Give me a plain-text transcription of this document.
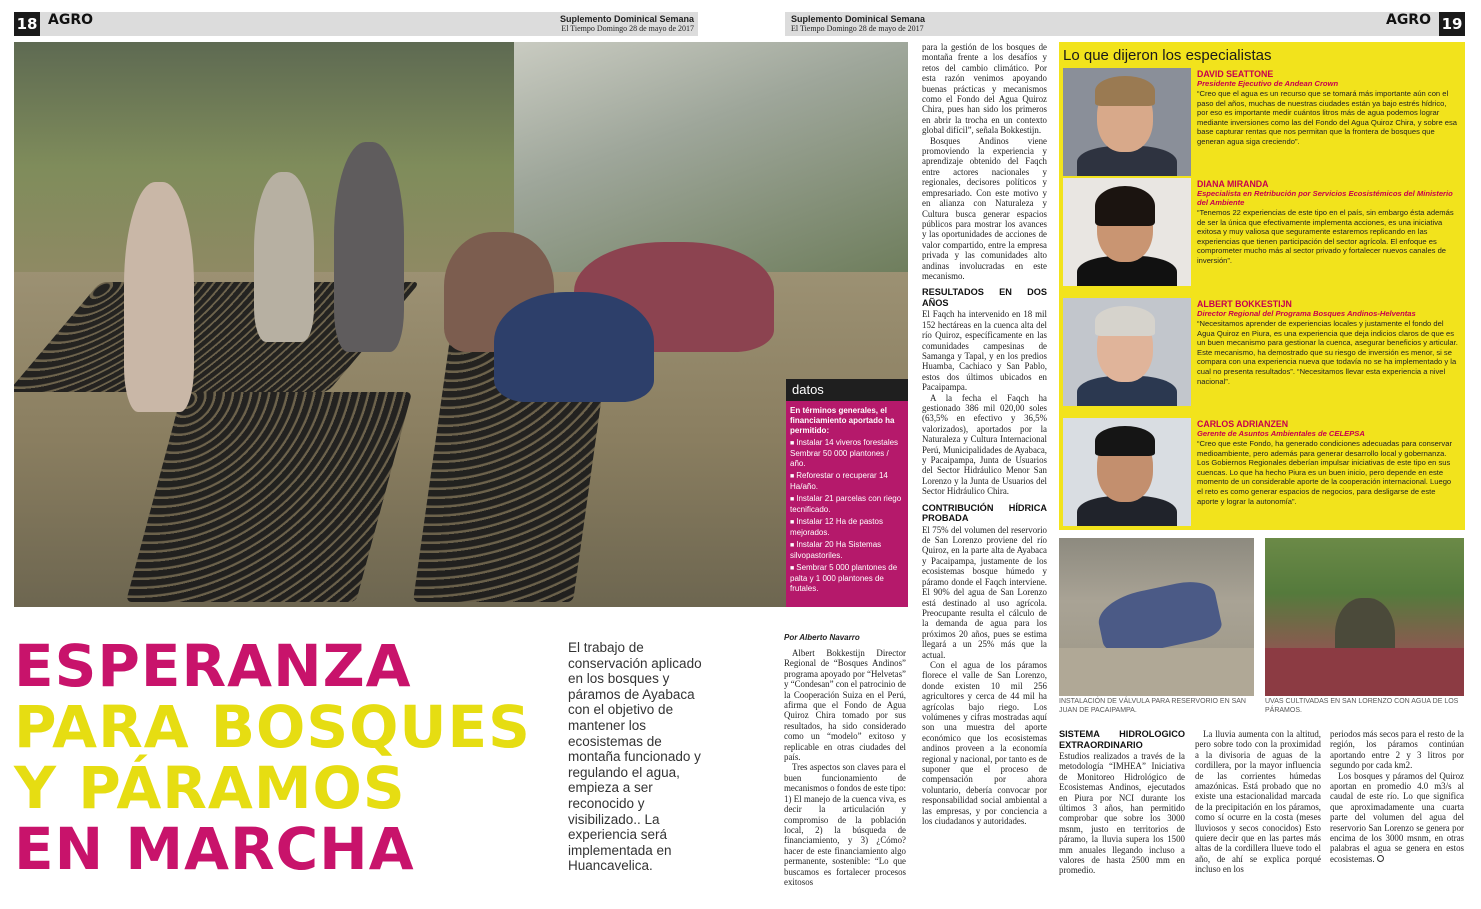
18 AGRO	Suplemento Dominical Semana
El Tiempo Domingo 28 de mayo de 2017
Suplemento Dominical Semana
El Tiempo Domingo 28 de mayo de 2017
AGRO 19
datos
En términos generales, el financiamiento aportado ha permitido:
■ Instalar 14 viveros forestales Sembrar 50 000 plantones / año.
■ Reforestar o recuperar 14 Ha/año.
■ Instalar 21 parcelas con riego tecnificado.
■ Instalar 12 Ha de pastos mejorados.
■ Instalar 20 Ha Sistemas silvopastoriles.
■ Sembrar 5 000 plantones de palta y 1 000 plantones de frutales.
ESPERANZA
PARA BOSQUES
Y PÁRAMOS
EN MARCHA
El trabajo de conservación aplicado en los bosques y páramos de Ayabaca con el objetivo de mantener los ecosistemas de montaña funcionado y regulando el agua, empieza a ser reconocido y visibilizado.. La experiencia será implementada en Huancavelica.
Por Alberto Navarro

Albert Bokkestijn Director Regional de “Bosques Andinos” programa apoyado por “Helvetas” y “Condesan” con el patrocinio de la Cooperación Suiza en el Perú, afirma que el Fondo de Agua Quiroz Chira tomado por sus resultados, ha sido considerado como un “modelo” exitoso y replicable en otras ciudades del país.

Tres aspectos son claves para el buen funcionamiento de mecanismos o fondos de este tipo: 1) El manejo de la cuenca viva, es decir la articulación y compromiso de la población local, 2) la búsqueda de financiamiento, y 3) ¿Cómo? hacer de este financiamiento algo permanente, sostenible: “Lo que buscamos es fortalecer procesos exitosos

para la gestión de los bosques de montaña frente a los desafíos y retos del cambio climático. Por esta razón venimos apoyando buenas prácticas y mecanismos como el Fondo del Agua Quiroz Chira, pues han sido los primeros en abrir la trocha en un contexto global difícil”, señala Bokkestijn.

Bosques Andinos viene promoviendo la experiencia y aprendizaje obtenido del Faqch entre actores nacionales y regionales, decisores políticos y empresariado. Con este motivo y en alianza con Naturaleza y Cultura busca generar espacios públicos para mostrar los avances y las oportunidades de acciones de valor compartido, entre la empresa privada y las comunidades alto andinas involucradas en este mecanismo.

RESULTADOS EN DOS AÑOS

El Faqch ha intervenido en 18 mil 152 hectáreas en la cuenca alta del río Quiroz, específicamente en las comunidades campesinas de Samanga y Tapal, y en los predios Huamba, Cachiaco y San Pablo, estos dos últimos ubicados en Pacaipampa.

A la fecha el Faqch ha gestionado 386 mil 020,00 soles (63,5% en efectivo y 36,5% valorizados), aportados por la Naturaleza y Cultura Internacional Perú, Municipalidades de Ayabaca, y Pacaipampa, Junta de Usuarios del Sector Hidráulico Menor San Lorenzo y la Junta de Usuarios del Sector Hidráulico Chira.

CONTRIBUCIÓN HÍDRICA PROBADA

El 75% del volumen del reservorio de San Lorenzo proviene del río Quiroz, en la parte alta de Ayabaca y Pacaipampa, justamente de los ecosistemas bosque húmedo y páramo donde el Faqch interviene. El 90% del agua de San Lorenzo está destinado al uso agrícola. Preocupante resulta el cálculo de la demanda de agua para los próximos 20 años, pues se estima llegará a un 25% más que la actual.

Con el agua de los páramos florece el valle de San Lorenzo, donde existen 10 mil 256 agricultores y cerca de 44 mil ha agrícolas bajo riego. Los volúmenes y cifras mostradas aquí son una muestra del aporte económico que los ecosistemas andinos proveen a la economía regional y nacional, por tanto es de suponer que el proceso de compensación por ahora voluntario, debería convocar por responsabilidad social ambiental a las empresas, y por conciencia a los ciudadanos y autoridades.

SISTEMA HIDROLOGICO EXTRAORDINARIO

Estudios realizados a través de la metodología “IMHEA” Iniciativa de Monitoreo Hidrológico de Ecosistemas Andinos, ejecutados en Piura por NCI durante los últimos 3 años, han permitido comprobar que sobre los 3000 msnm, justo en territorios de páramo, la lluvia supera los 1500 mm anuales llegando incluso a valores de hasta 2500 mm en promedio.

La lluvia aumenta con la altitud, pero sobre todo con la proximidad a la divisoria de aguas de la cordillera, por la mayor influencia de las corrientes húmedas amazónicas. Está probado que no existe una estacionalidad marcada de la precipitación en los páramos, como sí ocurre en la costa (meses lluviosos y secos conocidos) Esto quiere decir que en las partes más altas de la cordillera llueve todo el año, de ahí se explica porqué incluso en los

periodos más secos para el resto de la región, los páramos continúan aportando entre 2 y 3 litros por segundo por cada km2.

Los bosques y páramos del Quiroz aportan en promedio 4.0 m3/s al caudal de este río. Lo que significa que aproximadamente una cuarta parte del volumen del agua del reservorio San Lorenzo se genera por encima de los 3000 msnm, en otras palabras el agua se genera en estos ecosistemas.

Lo que dijeron los especialistas
DAVID SEATTONE
Presidente Ejecutivo de Andean Crown
“Creo que el agua es un recurso que se tomará más importante aún con el paso del años, muchas de nuestras ciudades están ya bajo estrés hídrico, por eso es importante medir cuántos litros más de agua podemos lograr mediante inversiones como las del Fondo del Agua Quiroz Chira, y sobre esa base capturar rentas que nos permitan que la frontera de bosques que generan agua siga creciendo”.
DIANA MIRANDA
Especialista en Retribución por Servicios Ecosistémicos del Ministerio del Ambiente
“Tenemos 22 experiencias de este tipo en el país, sin embargo ésta además de ser la única que efectivamente implementa acciones, es una iniciativa exitosa y muy valiosa que seguramente estaremos replicando en las experiencias que tienen participación del sector agrícola. El enfoque es comprometer mucho más al sector privado y fortalecer nuevos canales de inversión”.
ALBERT BOKKESTIJN
Director Regional del Programa Bosques Andinos-Helventas
“Necesitamos aprender de experiencias locales y justamente el fondo del Agua Quiroz en Piura, es una experiencia que deja indicios claros de que es un buen mecanismo para gestionar la cuenca, asegurar beneficios y articular. Este mecanismo, ha demostrado que su riesgo de inversión es menor, si se compara con una experiencia nueva que todavía no se ha implementado y la cual no presenta resultados”. “Necesitamos llevar esta experiencia a nivel nacional”.
CARLOS ADRIANZEN
Gerente de Asuntos Ambientales de CELEPSA
“Creo que este Fondo, ha generado condiciones adecuadas para conservar medioambiente, pero además para generar desarrollo local y gobernanza. Los Gobiernos Regionales deberían impulsar iniciativas de este tipo en sus cuencas. Lo que ha hecho Piura es un buen inicio, pero depende en este momento de un considerable aporte de la cooperación internacional. Luego el reto es como generar espacios de negocios, para desligarse de este aporte y lograr la autonomía”.
INSTALACIÓN DE VÁLVULA PARA RESERVORIO EN SAN JUAN DE PACAIPAMPA.
UVAS CULTIVADAS EN SAN LORENZO CON AGUA DE LOS PÁRAMOS.
